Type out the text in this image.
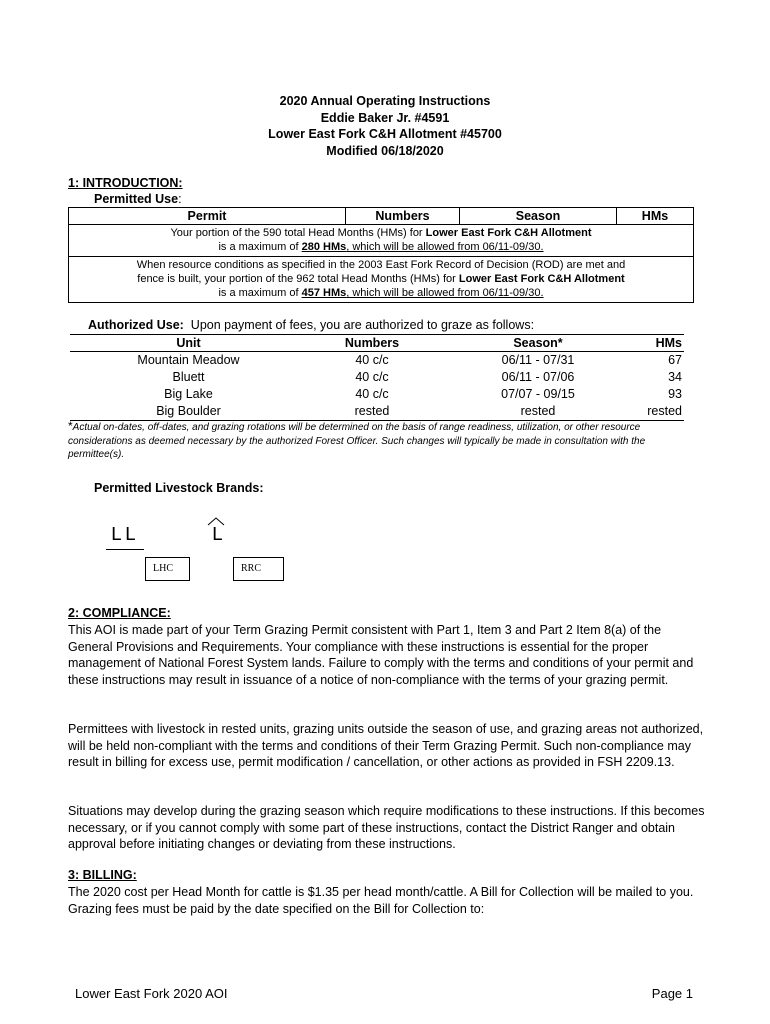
2020 Annual Operating Instructions
Eddie Baker Jr. #4591
Lower East Fork C&H Allotment #45700
Modified 06/18/2020
1: INTRODUCTION:
Permitted Use:
Permit	Numbers	Season	HMs
Your portion of the 590 total Head Months (HMs) for Lower East Fork C&H Allotment
is a maximum of 280 HMs, which will be allowed from 06/11-09/30.
When resource conditions as specified in the 2003 East Fork Record of Decision (ROD) are met and
fence is built, your portion of the 962 total Head Months (HMs) for Lower East Fork C&H Allotment
is a maximum of 457 HMs, which will be allowed from 06/11-09/30.
Authorized Use:  Upon payment of fees, you are authorized to graze as follows:
Unit	Numbers	Season*	HMs
Mountain Meadow	40 c/c	06/11 - 07/31	67
Bluett	40 c/c	06/11 - 07/06	34
Big Lake	40 c/c	07/07 - 09/15	93
Big Boulder	rested	rested	rested
*Actual on-dates, off-dates, and grazing rotations will be determined on the basis of range readiness, utilization, or other resource considerations as deemed necessary by the authorized Forest Officer. Such changes will typically be made in consultation with the permittee(s).
Permitted Livestock Brands:
LL	L
LHC	RRC
2: COMPLIANCE:
This AOI is made part of your Term Grazing Permit consistent with Part 1, Item 3 and Part 2 Item 8(a) of the General Provisions and Requirements. Your compliance with these instructions is essential for the proper management of National Forest System lands. Failure to comply with the terms and conditions of your permit and these instructions may result in issuance of a notice of non-compliance with the terms of your grazing permit.
Permittees with livestock in rested units, grazing units outside the season of use, and grazing areas not authorized, will be held non-compliant with the terms and conditions of their Term Grazing Permit. Such non-compliance may result in billing for excess use, permit modification / cancellation, or other actions as provided in FSH 2209.13.
Situations may develop during the grazing season which require modifications to these instructions. If this becomes necessary, or if you cannot comply with some part of these instructions, contact the District Ranger and obtain approval before initiating changes or deviating from these instructions.
3: BILLING:
The 2020 cost per Head Month for cattle is $1.35 per head month/cattle. A Bill for Collection will be mailed to you. Grazing fees must be paid by the date specified on the Bill for Collection to:
Lower East Fork 2020 AOI	Page 1
